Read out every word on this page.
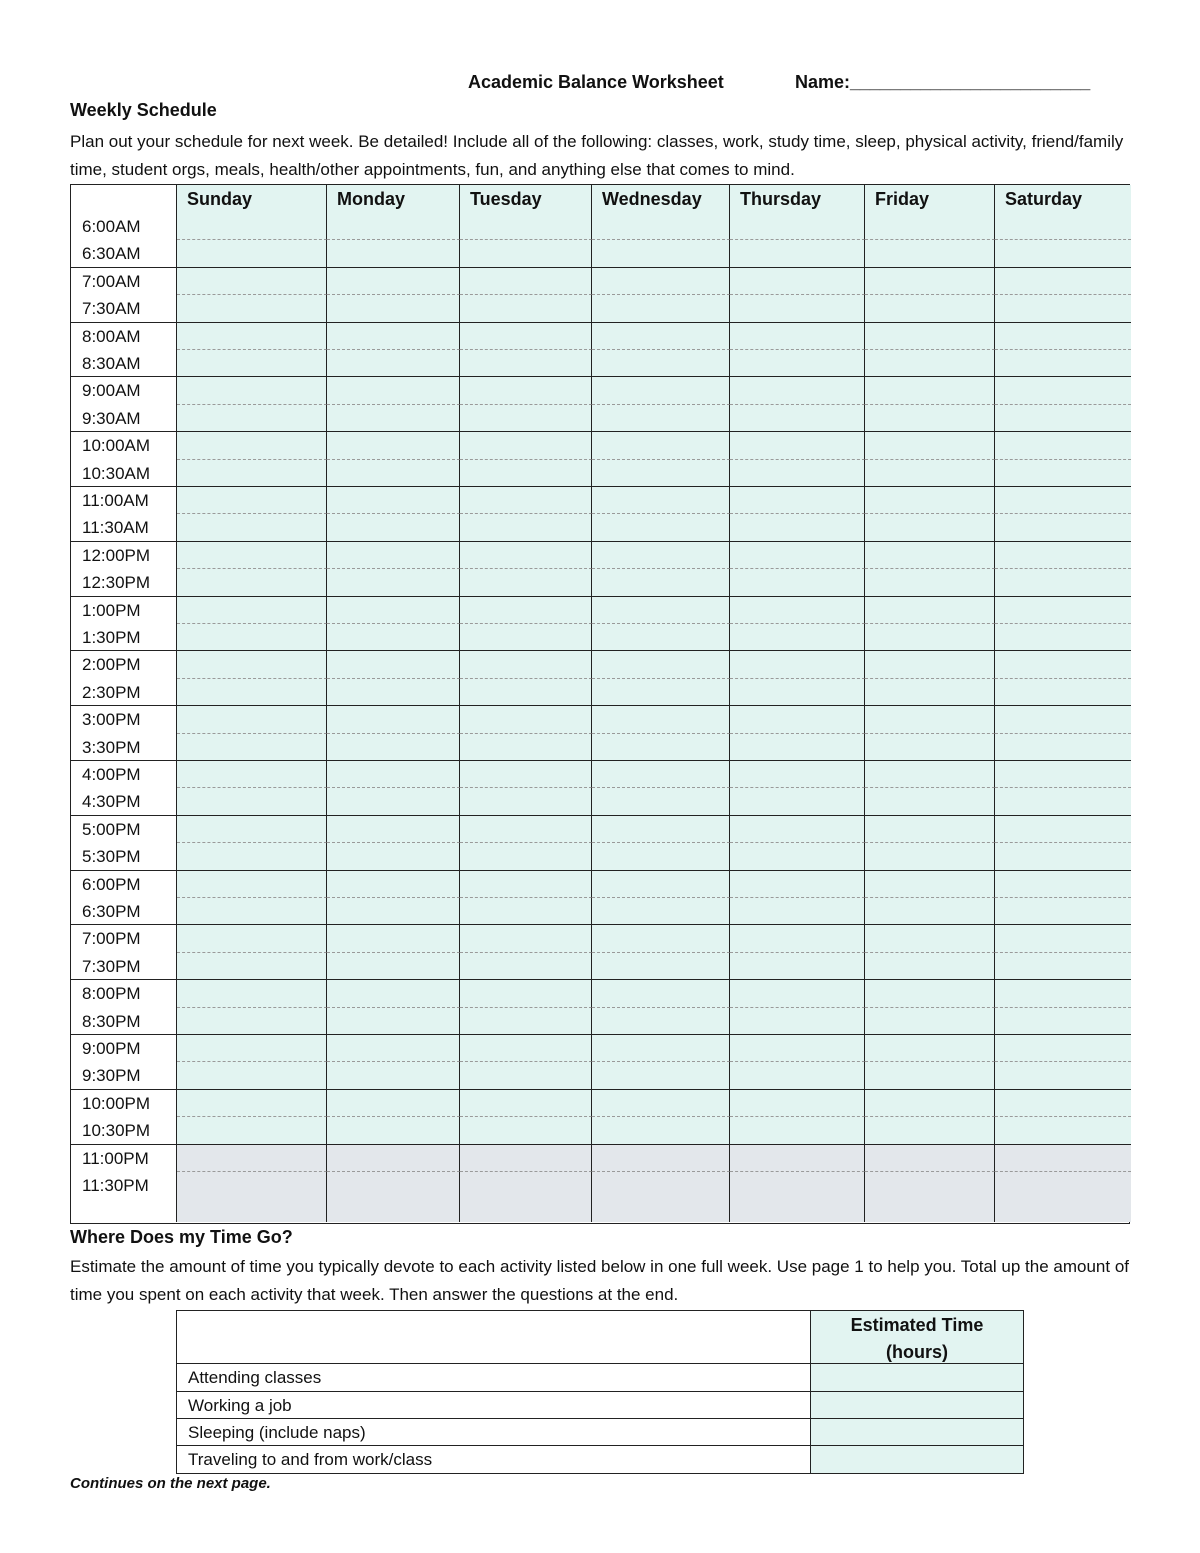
Academic Balance Worksheet	Name:________________________
Weekly Schedule
Plan out your schedule for next week. Be detailed! Include all of the following: classes, work, study time, sleep, physical activity, friend/family time, student orgs, meals, health/other appointments, fun, and anything else that comes to mind.
Sunday	Monday	Tuesday	Wednesday	Thursday	Friday	Saturday
6:00AM
6:30AM
7:00AM
7:30AM
8:00AM
8:30AM
9:00AM
9:30AM
10:00AM
10:30AM
11:00AM
11:30AM
12:00PM
12:30PM
1:00PM
1:30PM
2:00PM
2:30PM
3:00PM
3:30PM
4:00PM
4:30PM
5:00PM
5:30PM
6:00PM
6:30PM
7:00PM
7:30PM
8:00PM
8:30PM
9:00PM
9:30PM
10:00PM
10:30PM
11:00PM
11:30PM
Where Does my Time Go?
Estimate the amount of time you typically devote to each activity listed below in one full week. Use page 1 to help you. Total up the amount of time you spent on each activity that week. Then answer the questions at the end.
Estimated Time
(hours)
Attending classes
Working a job
Sleeping (include naps)
Traveling to and from work/class
Continues on the next page.
